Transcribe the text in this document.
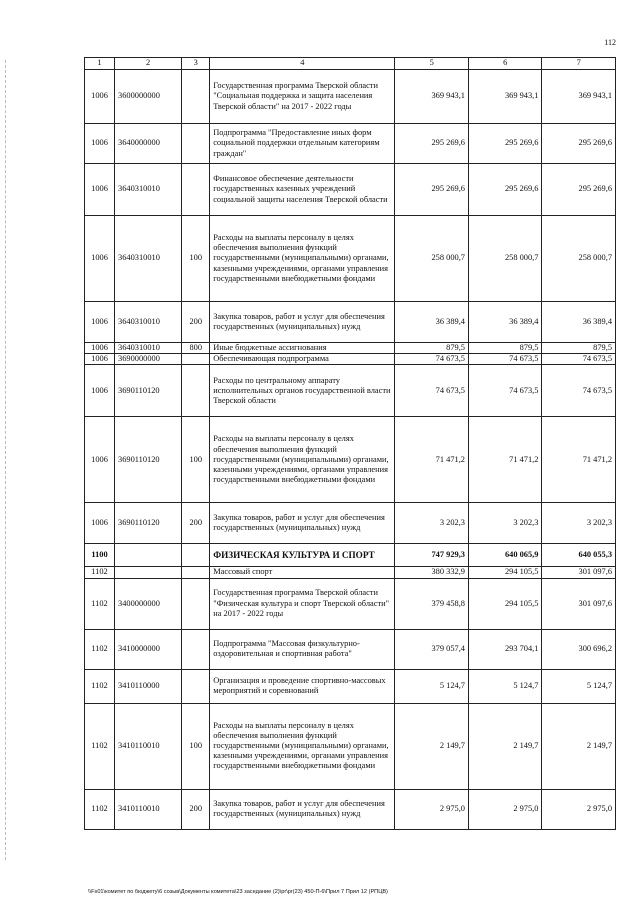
112
1	2	3	4	5	6	7
1006	3600000000		Государственная программа Тверской области "Социальная поддержка и защита населения Тверской области" на 2017 - 2022 годы	369 943,1	369 943,1	369 943,1
1006	3640000000		Подпрограмма "Предоставление иных форм социальной поддержки отдельным категориям граждан"	295 269,6	295 269,6	295 269,6
1006	3640310010		Финансовое обеспечение деятельности государственных казенных учреждений социальной защиты населения Тверской области	295 269,6	295 269,6	295 269,6
1006	3640310010	100	Расходы на выплаты персоналу в целях обеспечения выполнения функций государственными (муниципальными) органами, казенными учреждениями, органами управления государственными внебюджетными фондами	258 000,7	258 000,7	258 000,7
1006	3640310010	200	Закупка товаров, работ и услуг для обеспечения государственных (муниципальных) нужд	36 389,4	36 389,4	36 389,4
1006	3640310010	800	Иные бюджетные ассигнования	879,5	879,5	879,5
1006	3690000000		Обеспечивающая подпрограмма	74 673,5	74 673,5	74 673,5
1006	3690110120		Расходы по центральному аппарату исполнительных органов государственной власти Тверской области	74 673,5	74 673,5	74 673,5
1006	3690110120	100	Расходы на выплаты персоналу в целях обеспечения выполнения функций государственными (муниципальными) органами, казенными учреждениями, органами управления государственными внебюджетными фондами	71 471,2	71 471,2	71 471,2
1006	3690110120	200	Закупка товаров, работ и услуг для обеспечения государственных (муниципальных) нужд	3 202,3	3 202,3	3 202,3
1100			ФИЗИЧЕСКАЯ КУЛЬТУРА И СПОРТ	747 929,3	640 065,9	640 055,3
1102			Массовый спорт	380 332,9	294 105,5	301 097,6
1102	3400000000		Государственная программа Тверской области "Физическая культура и спорт Тверской области" на 2017 - 2022 годы	379 458,8	294 105,5	301 097,6
1102	3410000000		Подпрограмма "Массовая физкультурно-оздоровительная и спортивная работа"	379 057,4	293 704,1	300 696,2
1102	3410110000		Организация и проведение спортивно-массовых мероприятий и соревнований	5 124,7	5 124,7	5 124,7
1102	3410110010	100	Расходы на выплаты персоналу в целях обеспечения выполнения функций государственными (муниципальными) органами, казенными учреждениями, органами управления государственными внебюджетными фондами	2 149,7	2 149,7	2 149,7
1102	3410110010	200	Закупка товаров, работ и услуг для обеспечения государственных (муниципальных) нужд	2 975,0	2 975,0	2 975,0
\\Fs01\комитет по бюджету\6 созыв\Документы комитета\23 заседание (2)\pr\pr(23) 450-П-6\Прил 7 Прил 12 (РПЦВ)
